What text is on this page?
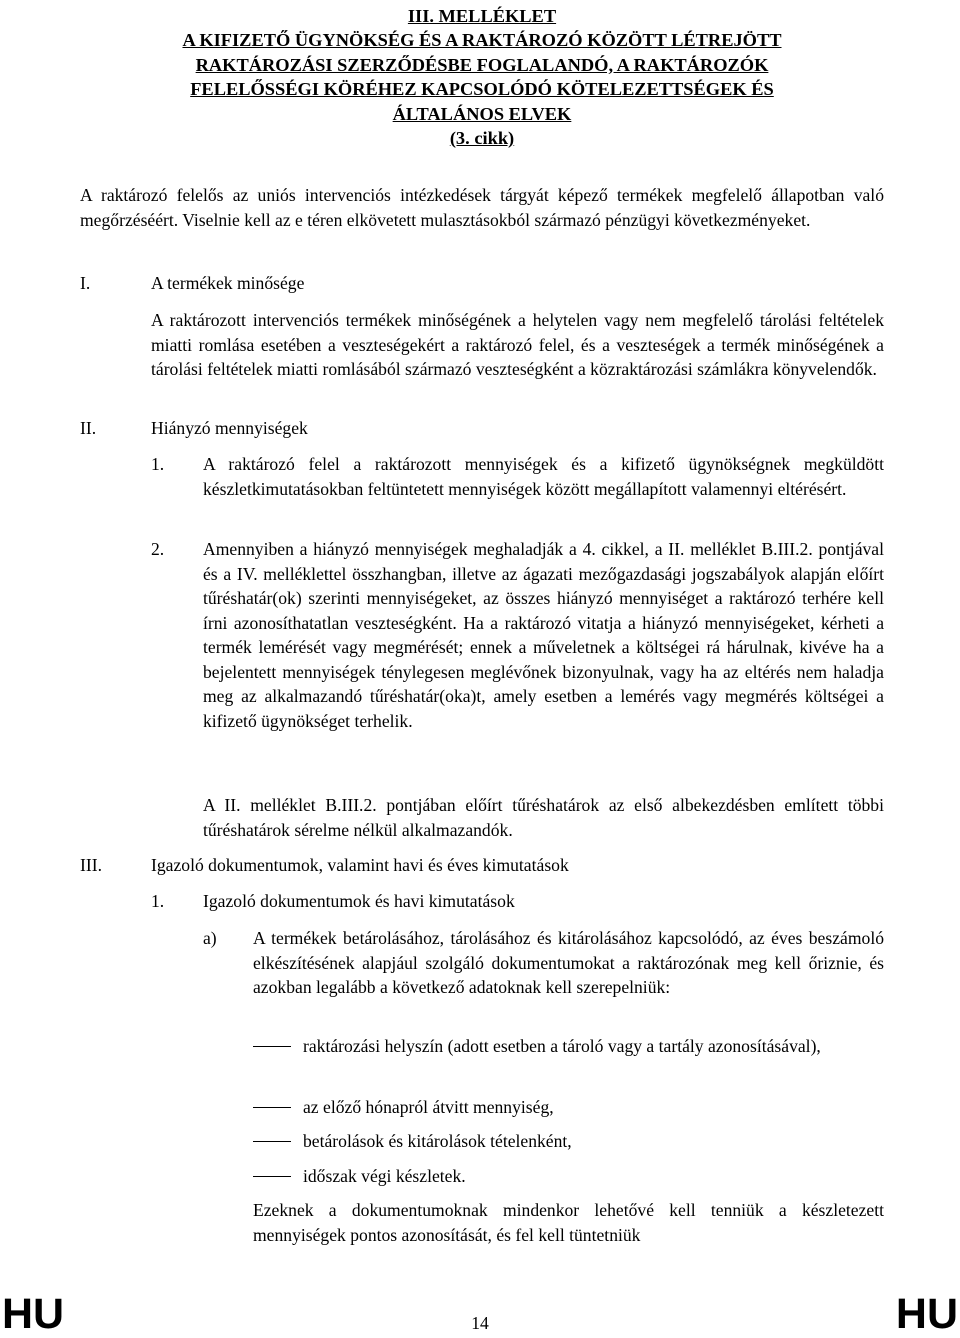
III. MELLÉKLET
A KIFIZETŐ ÜGYNÖKSÉG ÉS A RAKTÁROZÓ KÖZÖTT LÉTREJÖTT
RAKTÁROZÁSI SZERZŐDÉSBE FOGLALANDÓ, A RAKTÁROZÓK
FELELŐSSÉGI KÖRÉHEZ KAPCSOLÓDÓ KÖTELEZETTSÉGEK ÉS
ÁLTALÁNOS ELVEK
(3. cikk)

A raktározó felelős az uniós intervenciós intézkedések tárgyát képező termékek megfelelő állapotban való megőrzéséért. Viselnie kell az e téren elkövetett mulasztásokból származó pénzügyi következményeket.

I.	A termékek minősége

A raktározott intervenciós termékek minőségének a helytelen vagy nem megfelelő tárolási feltételek miatti romlása esetében a veszteségekért a raktározó felel, és a veszteségek a termék minőségének a tárolási feltételek miatti romlásából származó veszteségként a közraktározási számlákra könyvelendők.

II.	Hiányzó mennyiségek
1. A raktározó felel a raktározott mennyiségek és a kifizető ügynökségnek megküldött készletkimutatásokban feltüntetett mennyiségek között megállapított valamennyi eltérésért.

2. Amennyiben a hiányzó mennyiségek meghaladják a 4. cikkel, a II. melléklet B.III.2. pontjával és a IV. melléklettel összhangban, illetve az ágazati mezőgazdasági jogszabályok alapján előírt tűréshatár(ok) szerinti mennyiségeket, az összes hiányzó mennyiséget a raktározó terhére kell írni azonosíthatatlan veszteségként. Ha a raktározó vitatja a hiányzó mennyiségeket, kérheti a termék lemérését vagy megmérését; ennek a műveletnek a költségei rá hárulnak, kivéve ha a bejelentett mennyiségek ténylegesen meglévőnek bizonyulnak, vagy ha az eltérés nem haladja meg az alkalmazandó tűréshatár(oka)t, amely esetben a lemérés vagy megmérés költségei a kifizető ügynökséget terhelik.

A II. melléklet B.III.2. pontjában előírt tűréshatárok az első albekezdésben említett többi tűréshatárok sérelme nélkül alkalmazandók.

III.	Igazoló dokumentumok, valamint havi és éves kimutatások
1. Igazoló dokumentumok és havi kimutatások
a) A termékek betárolásához, tárolásához és kitárolásához kapcsolódó, az éves beszámoló elkészítésének alapjául szolgáló dokumentumokat a raktározónak meg kell őriznie, és azokban legalább a következő adatoknak kell szerepelniük:

raktározási helyszín (adott esetben a tároló vagy a tartály azonosításával),

az előző hónapról átvitt mennyiség,

betárolások és kitárolások tételenként,

időszak végi készletek.

Ezeknek a dokumentumoknak mindenkor lehetővé kell tenniük a készletezett mennyiségek pontos azonosítását, és fel kell tüntetniük

HU	14	HU
